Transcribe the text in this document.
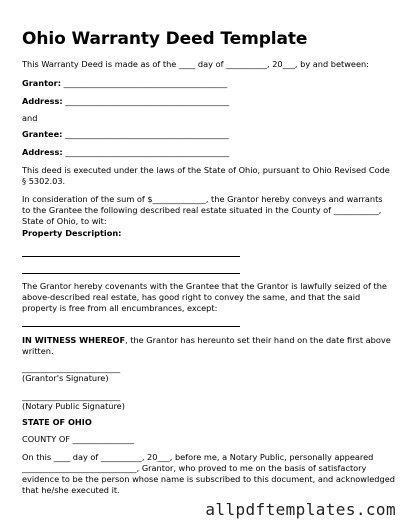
Ohio Warranty Deed Template
This Warranty Deed is made as of the ____ day of __________, 20___, by and between:
Grantor: ________________________________________
Address: ________________________________________
and
Grantee: ________________________________________
Address: ________________________________________
This deed is executed under the laws of the State of Ohio, pursuant to Ohio Revised Code
§ 5302.03.
In consideration of the sum of $_____________, the Grantor hereby conveys and warrants
to the Grantee the following described real estate situated in the County of ___________,
State of Ohio, to wit:
Property Description:
The Grantor hereby covenants with the Grantee that the Grantor is lawfully seized of the
above-described real estate, has good right to convey the same, and that the said
property is free from all encumbrances, except:
IN WITNESS WHEREOF, the Grantor has hereunto set their hand on the date first above
written.
________________________
(Grantor's Signature)
________________________
(Notary Public Signature)
STATE OF OHIO
COUNTY OF _______________
On this ____ day of __________, 20___, before me, a Notary Public, personally appeared
____________________________, Grantor, who proved to me on the basis of satisfactory
evidence to be the person whose name is subscribed to this document, and acknowledged
that he/she executed it.
allpdftemplates.com
